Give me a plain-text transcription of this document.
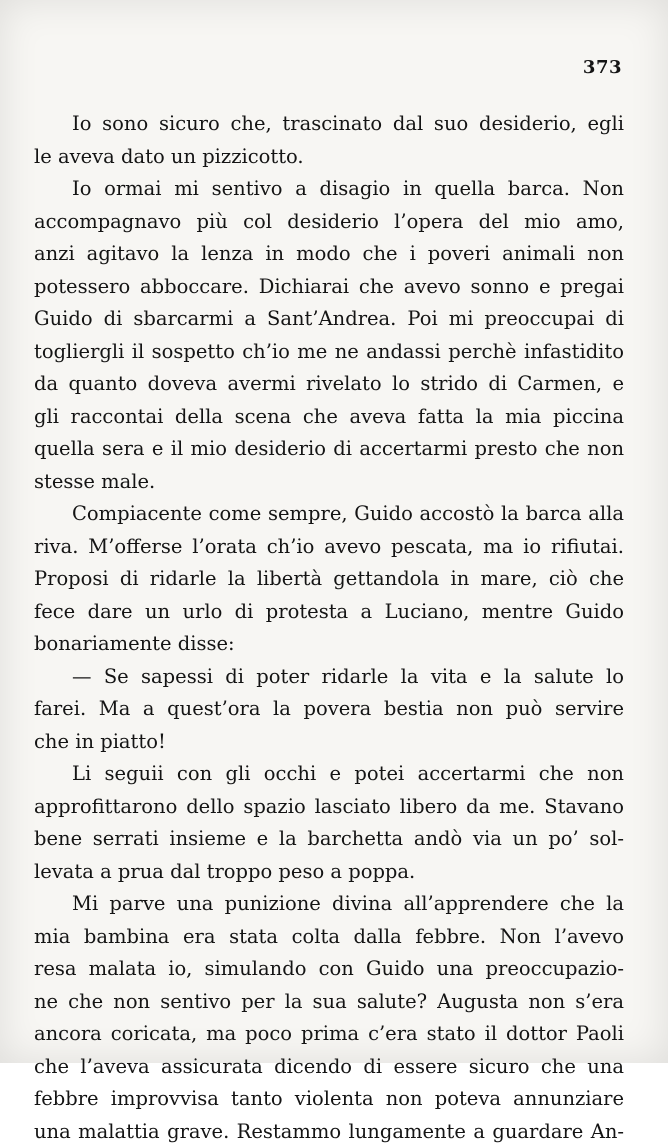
373
Io sono sicuro che, trascinato dal suo desiderio, egli
le aveva dato un pizzicotto.
Io ormai mi sentivo a disagio in quella barca. Non
accompagnavo più col desiderio l’opera del mio amo,
anzi agitavo la lenza in modo che i poveri animali non
potessero abboccare. Dichiarai che avevo sonno e pregai
Guido di sbarcarmi a Sant’Andrea. Poi mi preoccupai di
togliergli il sospetto ch’io me ne andassi perchè infastidito
da quanto doveva avermi rivelato lo strido di Carmen, e
gli raccontai della scena che aveva fatta la mia piccina
quella sera e il mio desiderio di accertarmi presto che non
stesse male.
Compiacente come sempre, Guido accostò la barca alla
riva. M’offerse l’orata ch’io avevo pescata, ma io rifiutai.
Proposi di ridarle la libertà gettandola in mare, ciò che
fece dare un urlo di protesta a Luciano, mentre Guido
bonariamente disse:
— Se sapessi di poter ridarle la vita e la salute lo
farei. Ma a quest’ora la povera bestia non può servire
che in piatto!
Li seguii con gli occhi e potei accertarmi che non
approfittarono dello spazio lasciato libero da me. Stavano
bene serrati insieme e la barchetta andò via un po’ sol-
levata a prua dal troppo peso a poppa.
Mi parve una punizione divina all’apprendere che la
mia bambina era stata colta dalla febbre. Non l’avevo
resa malata io, simulando con Guido una preoccupazio-
ne che non sentivo per la sua salute? Augusta non s’era
ancora coricata, ma poco prima c’era stato il dottor Paoli
che l’aveva assicurata dicendo di essere sicuro che una
febbre improvvisa tanto violenta non poteva annunziare
una malattia grave. Restammo lungamente a guardare An-
